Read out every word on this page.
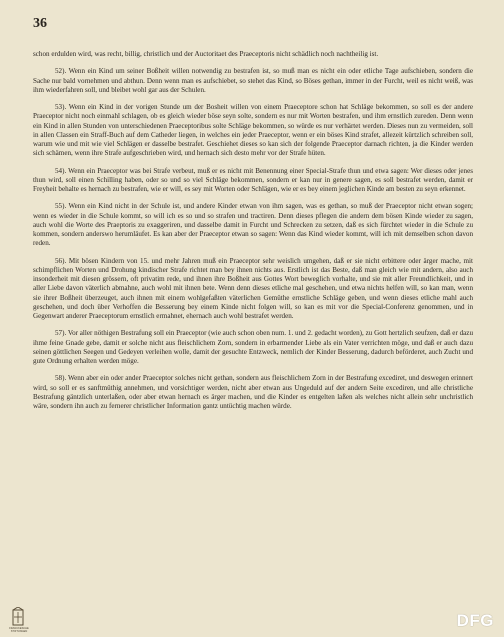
36

schon erdulden wird, was recht, billig, christlich und der Auctoritaet des Praeceptoris nicht schädlich noch nachtheilig ist.

52). Wenn ein Kind um seiner Boßheit willen notwendig zu bestrafen ist, so muß man es nicht ein oder etliche Tage aufschieben, sondern die Sache nur bald vornehmen und abthun. Denn wenn man es aufschiebet, so stehet das Kind, so Böses gethan, immer in der Furcht, weil es nicht weiß, was ihm wiederfahren soll, und bleibet wohl gar aus der Schulen.

53). Wenn ein Kind in der vorigen Stunde um der Bosheit willen von einem Praeceptore schon hat Schläge bekommen, so soll es der andere Praeceptor nicht noch einmahl schlagen, ob es gleich wieder böse seyn solte, sondern es nur mit Worten bestrafen, und ihm ernstlich zureden. Denn wenn ein Kind in allen Stunden von unterschiedenen Praeceptoribus solte Schläge bekommen, so würde es nur verhärtet werden. Dieses nun zu vermeiden, soll in allen Classen ein Straff-Buch auf dem Catheder liegen, in welches ein jeder Praeceptor, wenn er ein böses Kind strafet, allezeit kürtzlich schreiben soll, warum wie und mit wie viel Schlägen er dasselbe bestrafet. Geschiehet dieses so kan sich der folgende Praeceptor darnach richten, ja die Kinder werden sich schämen, wenn ihre Strafe aufgeschrieben wird, und hernach sich desto mehr vor der Strafe hüten.

54). Wenn ein Praeceptor was bei Strafe verbeut, muß er es nicht mit Benennung einer Special-Strafe thun und etwa sagen: Wer dieses oder jenes thun wird, soll einen Schilling haben, oder so und so viel Schläge bekommen, sondern er kan nur in genere sagen, es soll bestrafet werden, damit er Freyheit behalte es hernach zu bestrafen, wie er will, es sey mit Worten oder Schlägen, wie er es bey einem jeglichen Kinde am besten zu seyn erkennet.

55). Wenn ein Kind nicht in der Schule ist, und andere Kinder etwan von ihm sagen, was es gethan, so muß der Praeceptor nicht etwan sogen; wenn es wieder in die Schule kommt, so will ich es so und so strafen und tractiren. Denn dieses pflegen die andern dem bösen Kinde wieder zu sagen, auch wohl die Worte des Praeptoris zu exaggeriren, und dasselbe damit in Furcht und Schrecken zu setzen, daß es sich fürchtet wieder in die Schule zu kommen, sondern anderswo herumläufet. Es kan aber der Praeceptor etwan so sagen: Wenn das Kind wieder kommt, will ich mit demselben schon davon reden.

56). Mit bösen Kindern von 15. und mehr Jahren muß ein Praeceptor sehr weislich umgehen, daß er sie nicht erbittere oder ärger mache, mit schimpflichen Worten und Drohung kindischer Strafe richtet man bey ihnen nichts aus. Erstlich ist das Beste, daß man gleich wie mit andern, also auch insonderheit mit diesen grössern, oft privatim rede, und ihnen ihre Boßheit aus Gottes Wort beweglich vorhalte, und sie mit aller Freundlichkeit, und in aller Liebe davon väterlich abmahne, auch wohl mit ihnen bete. Wenn denn dieses etliche mal geschehen, und etwa nichts helfen will, so kan man, wenn sie ihrer Boßheit überzeuget, auch ihnen mit einem wohlgefaßten väterlichen Gemüthe ernstliche Schläge geben, und wenn dieses etliche mahl auch geschehen, und doch über Verhoffen die Besserung bey einem Kinde nicht folgen will, so kan es mit vor die Special-Conferenz genommen, und in Gegenwart anderer Praeceptorum ernstlich ermahnet, ehernach auch wohl bestrafet werden.

57). Vor aller nöthigen Bestrafung soll ein Praeceptor (wie auch schon oben num. 1. und 2. gedacht worden), zu Gott hertzlich seufzen, daß er dazu ihme feine Gnade gebe, damit er solche nicht aus fleischlichem Zorn, sondern in erbarmender Liebe als ein Vater verrichten möge, und daß er auch dazu seinen göttlichen Seegen und Gedeyen verleihen wolle, damit der gesuchte Entzweck, nemlich der Kinder Besserung, dadurch beförderet, auch Zucht und gute Ordnung erhalten werden möge.

58). Wenn aber ein oder ander Praeceptor solches nicht gethan, sondern aus fleischlichem Zorn in der Bestrafung excediret, und deswegen erinnert wird, so soll er es sanftmüthig annehmen, und vorsichtiger werden, nicht aber etwan aus Ungeduld auf der andern Seite excediren, und alle christliche Bestrafung gäntzlich unterlaßen, oder aber etwan hernach es ärger machen, und die Kinder es entgelten laßen als welches nicht allein sehr unchristlich wäre, sondern ihn auch zu fernerer christlicher Information gantz untüchtig machen würde.

FRANCKESCHE STIFTUNGEN
DFG
